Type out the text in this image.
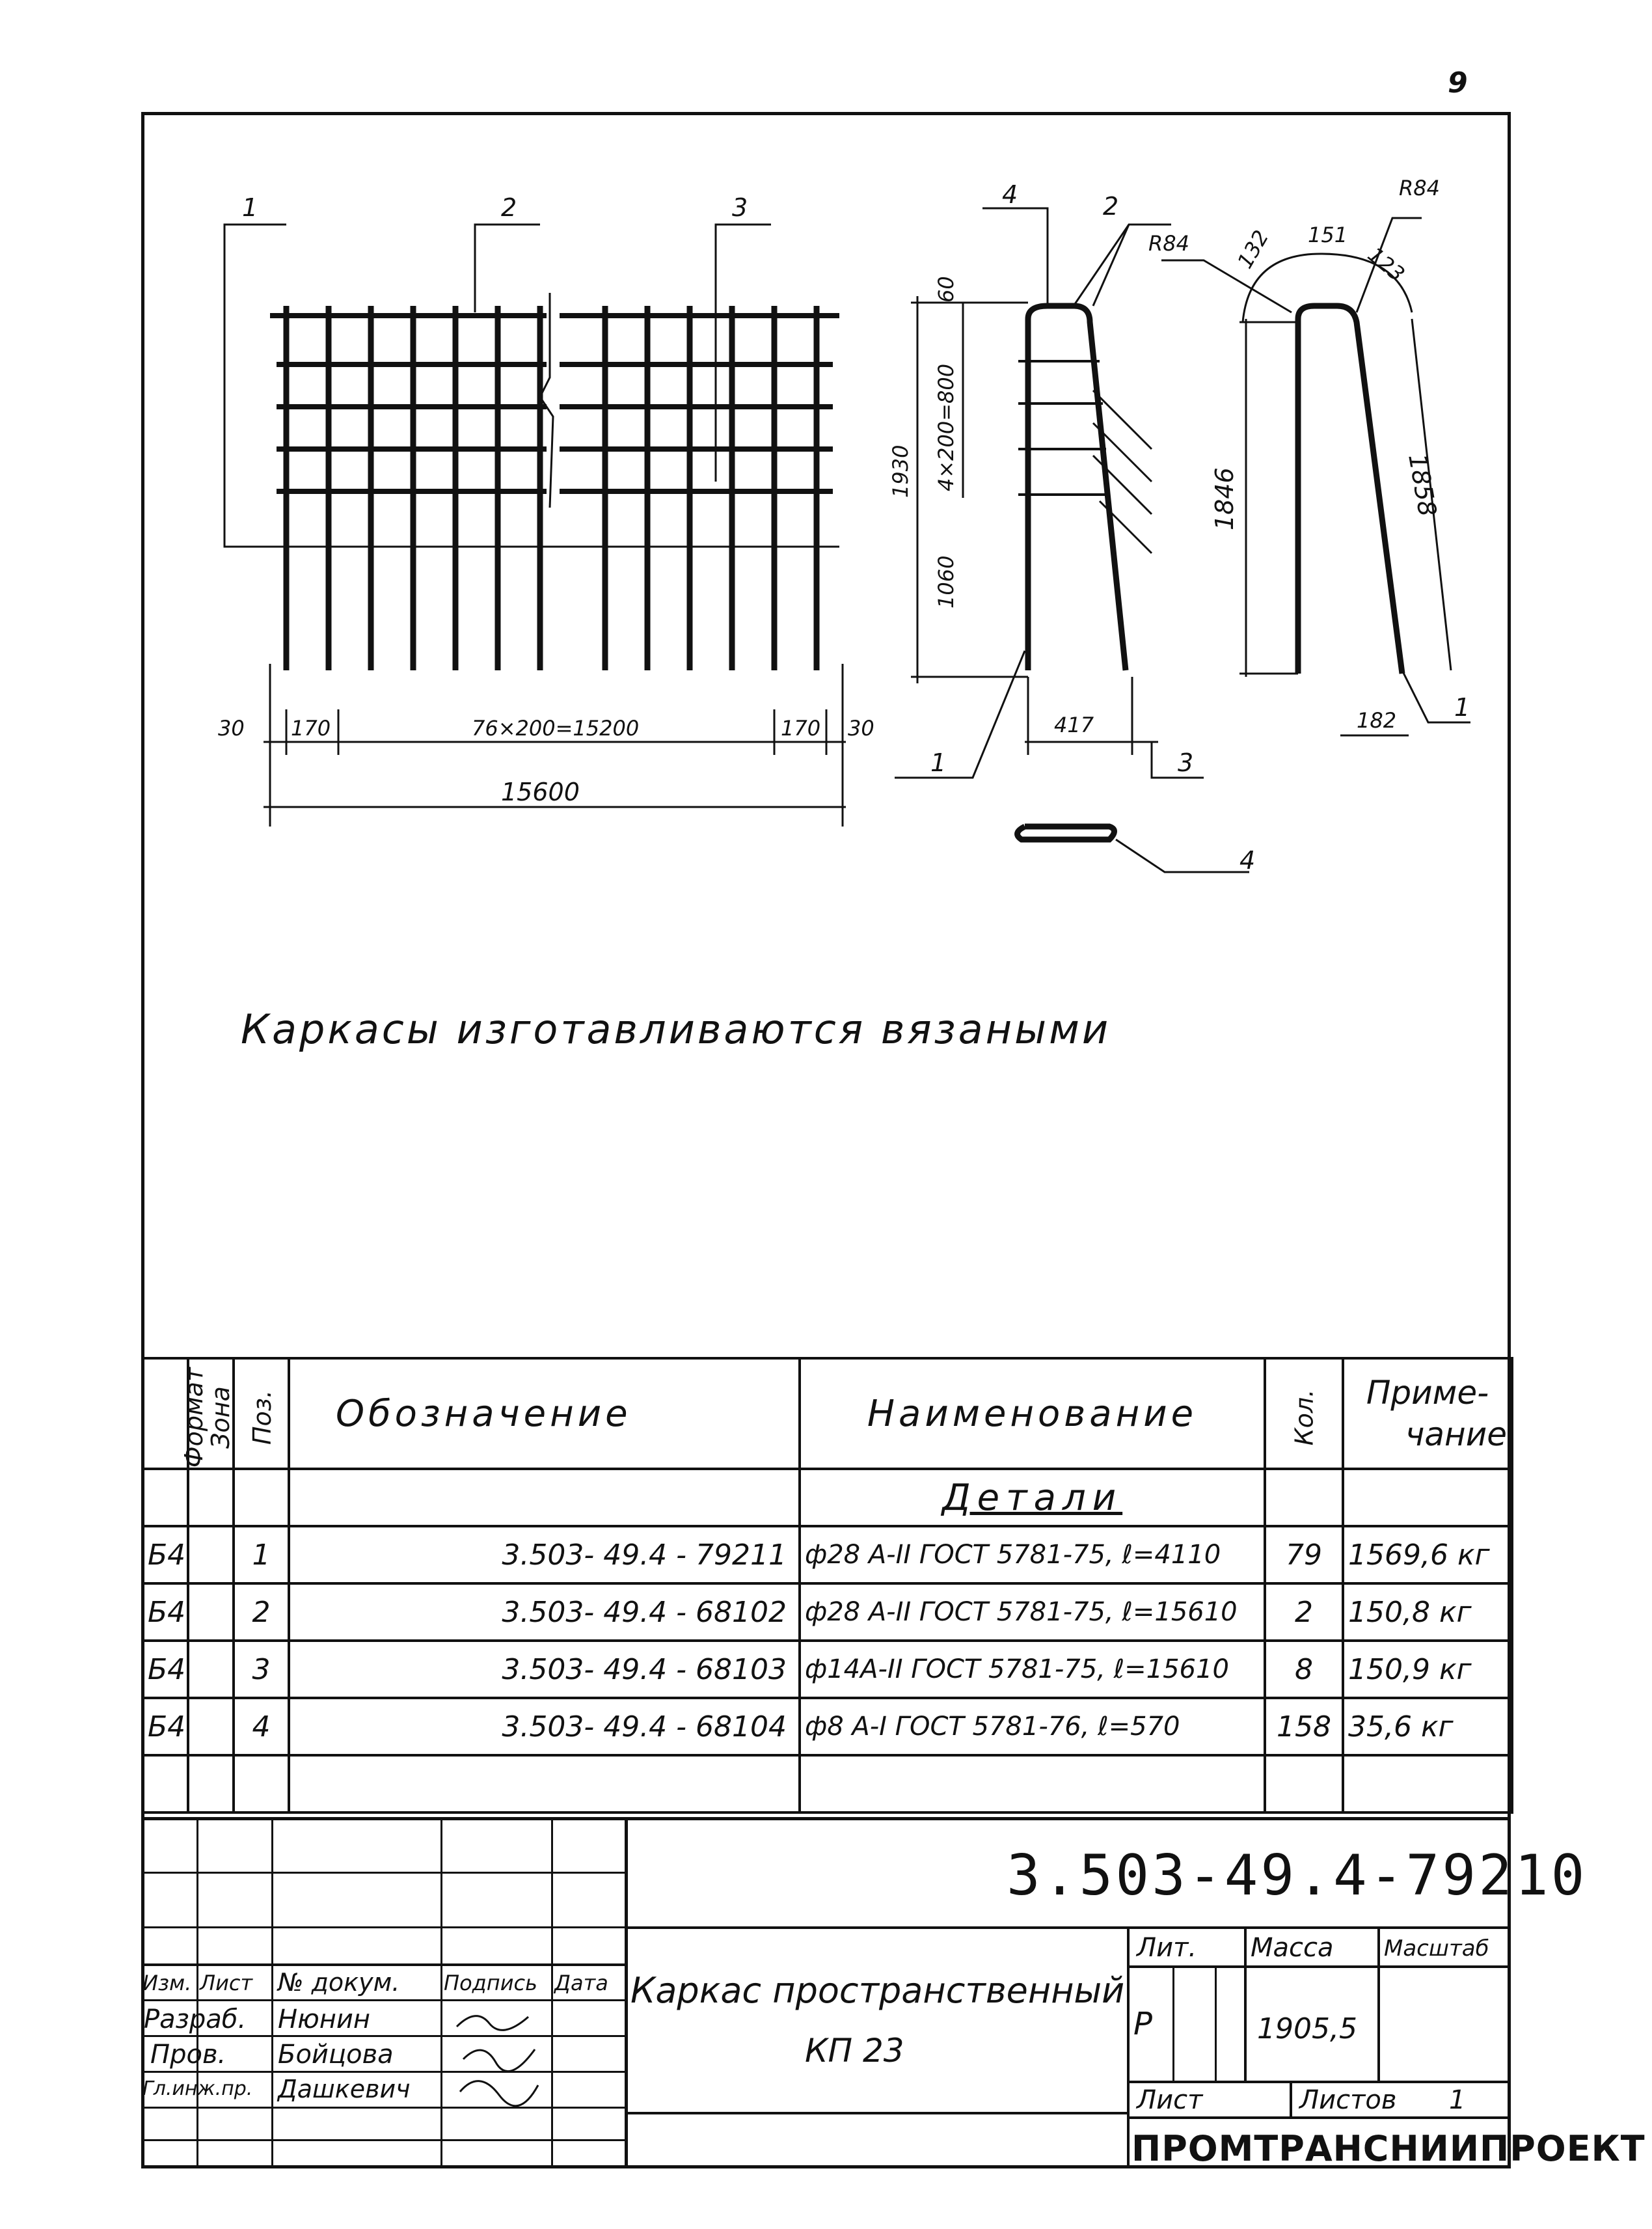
9
1	2	3	4	2
1	3
1
4
30 170	76×200=15200	170 30
15600
60
4×200=800
1930
1060
417
R84
R84
132 151
123
1846	1858
182
Каркасы изготавливаются вязаными
Формат	Зона	Поз.	Обозначение	Наименование	Кол.	Приме-
чание

				Детали		
Б4		1	3.503- 49.4 - 79211	ф28 А-II ГОСТ 5781-75, ℓ=4110	79	1569,6 кг
Б4		2	3.503- 49.4 - 68102	ф28 А-II ГОСТ 5781-75, ℓ=15610	2	150,8 кг
Б4		3	3.503- 49.4 - 68103	ф14А-II ГОСТ 5781-75, ℓ=15610	8	150,9 кг
Б4		4	3.503- 49.4 - 68104	ф8 А-I ГОСТ 5781-76, ℓ=570	158	35,6 кг

3.503-49.4-79210
Каркас пространственный
КП 23
Изм. Лист № докум. Подпись Дата
Разраб. Нюнин
Пров. Бойцова
Гл.инж.пр. Дашкевич
Лит. Масса Масштаб
Р	1905,5
Лист	Листов 1
ПРОМТРАНСНИИПРОЕКТ
